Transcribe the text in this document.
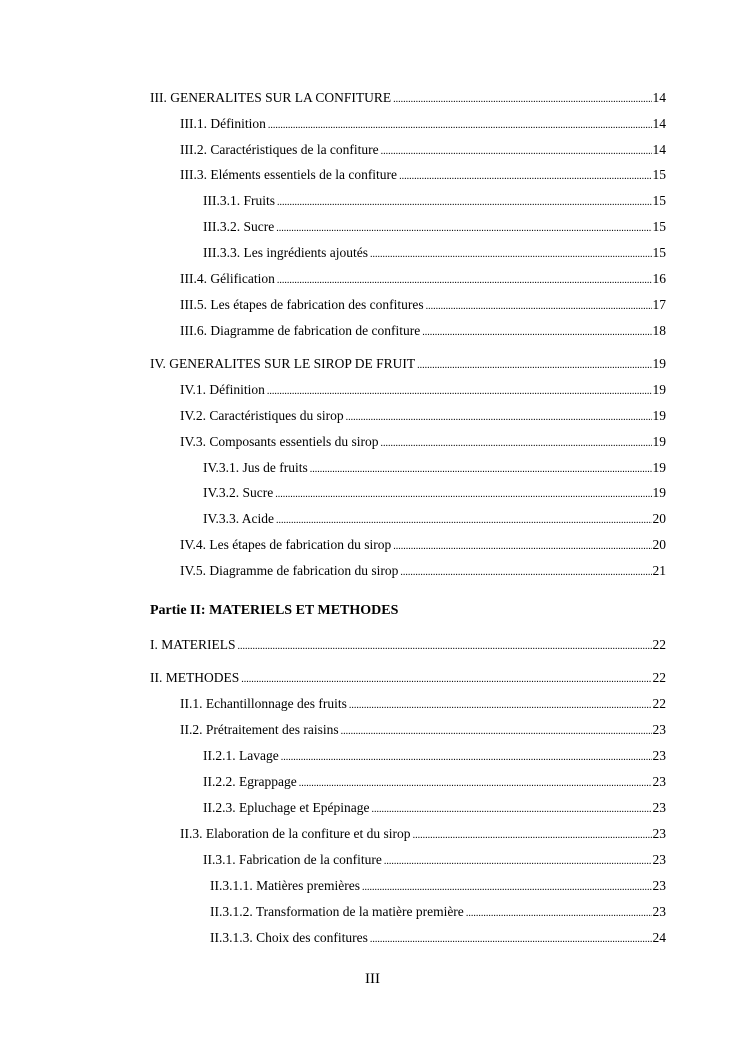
III. GENERALITES SUR LA CONFITURE .....	14
III.1. Définition .....	14
III.2. Caractéristiques de la confiture .....	14
III.3. Eléments essentiels de la confiture .....	15
III.3.1. Fruits .....	15
III.3.2. Sucre .....	15
III.3.3. Les ingrédients ajoutés .....	15
III.4. Gélification .....	16
III.5. Les étapes de fabrication des confitures .....	17
III.6. Diagramme de fabrication de confiture .....	18
IV. GENERALITES SUR LE SIROP DE FRUIT .....	19
IV.1. Définition .....	19
IV.2. Caractéristiques du sirop .....	19
IV.3. Composants essentiels du sirop .....	19
IV.3.1. Jus de fruits .....	19
IV.3.2. Sucre .....	19
IV.3.3. Acide .....	20
IV.4. Les étapes de fabrication du sirop .....	20
IV.5. Diagramme de fabrication du sirop .....	21
Partie II: MATERIELS ET METHODES
I. MATERIELS .....	22
II. METHODES .....	22
II.1. Echantillonnage des fruits .....	22
II.2. Prétraitement des raisins .....	23
II.2.1. Lavage .....	23
II.2.2. Egrappage .....	23
II.2.3. Epluchage et Epépinage .....	23
II.3. Elaboration de la confiture et du sirop .....	23
II.3.1. Fabrication de la confiture .....	23
II.3.1.1. Matières premières .....	23
II.3.1.2. Transformation de la matière première .....	23
II.3.1.3. Choix des confitures .....	24
III
